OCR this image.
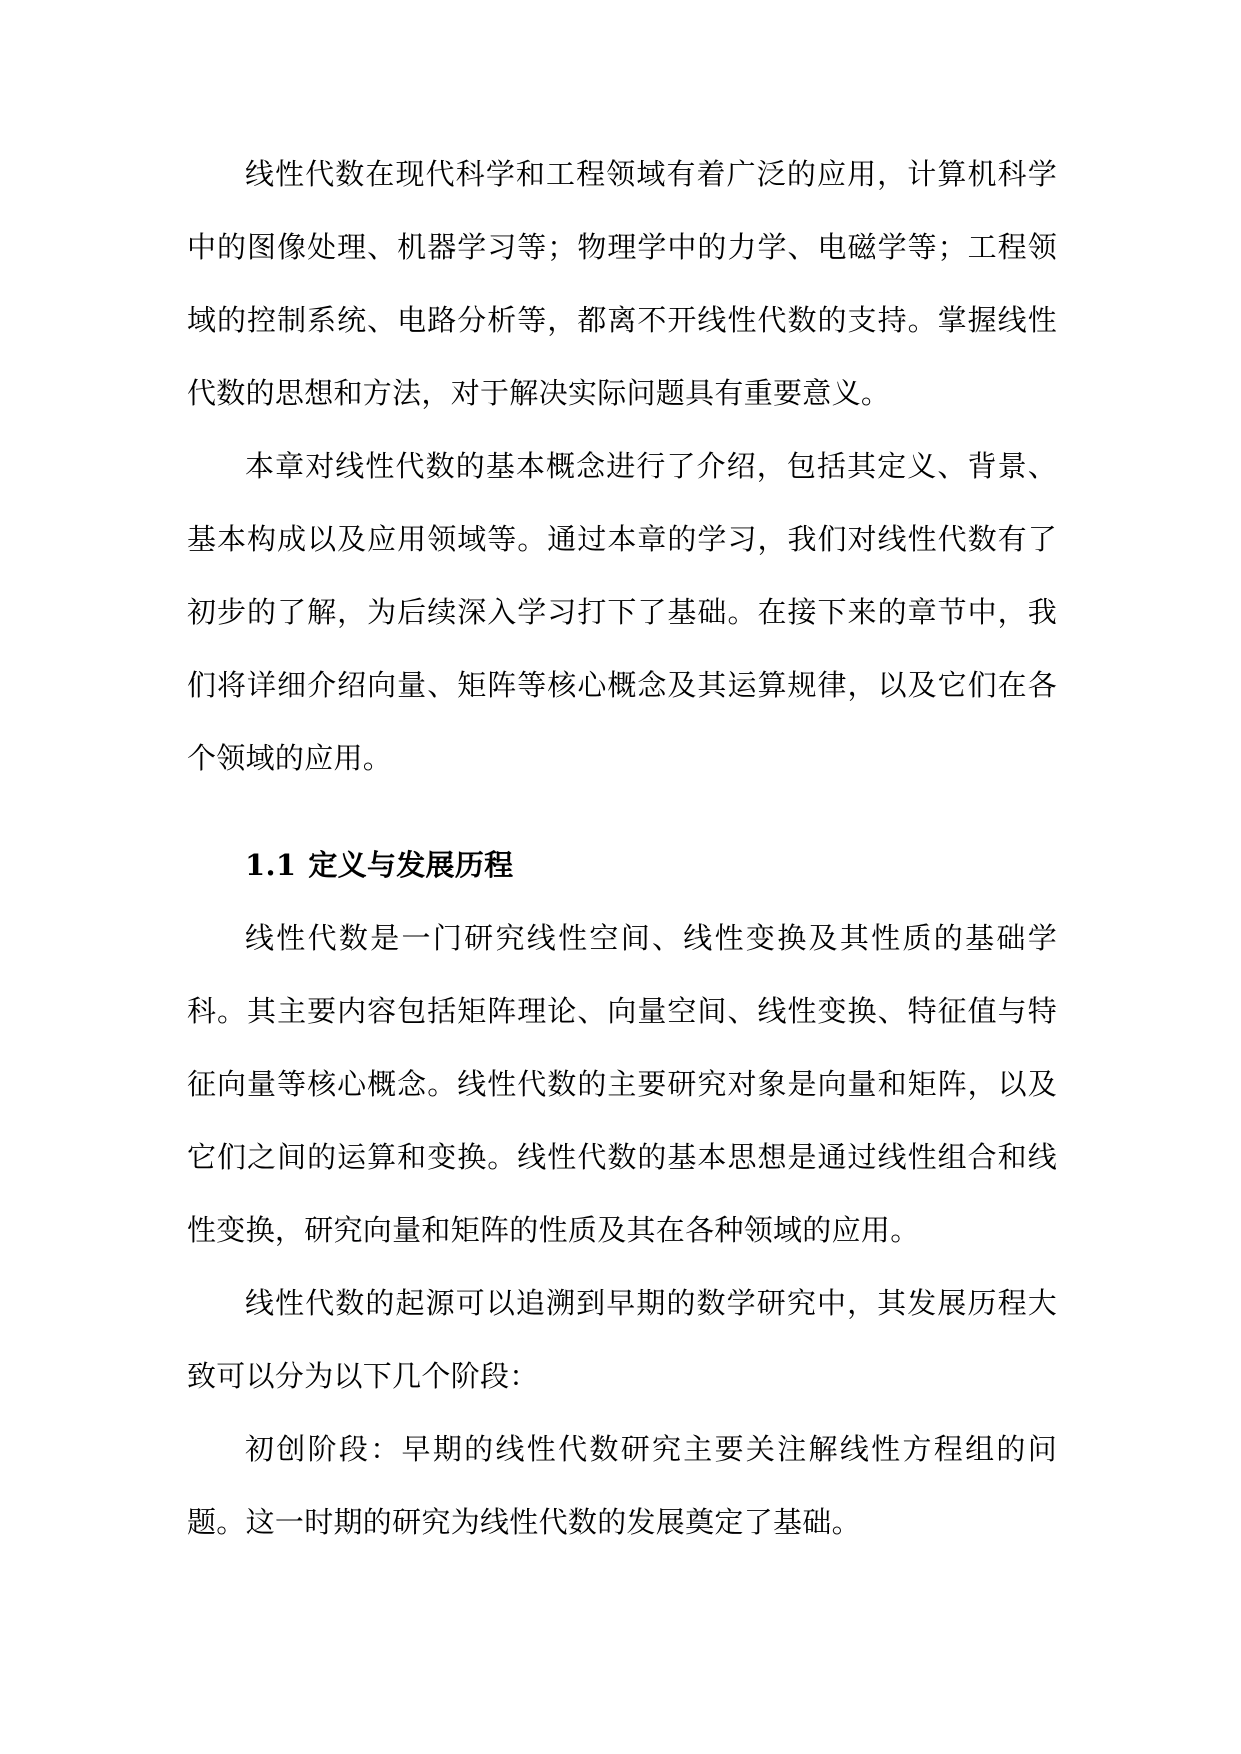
线性代数在现代科学和工程领域有着广泛的应用，计算机科学中的图像处理、机器学习等；物理学中的力学、电磁学等；工程领域的控制系统、电路分析等，都离不开线性代数的支持。掌握线性代数的思想和方法，对于解决实际问题具有重要意义。

本章对线性代数的基本概念进行了介绍，包括其定义、背景、基本构成以及应用领域等。通过本章的学习，我们对线性代数有了初步的了解，为后续深入学习打下了基础。在接下来的章节中，我们将详细介绍向量、矩阵等核心概念及其运算规律，以及它们在各个领域的应用。

1.1 定义与发展历程

线性代数是一门研究线性空间、线性变换及其性质的基础学科。其主要内容包括矩阵理论、向量空间、线性变换、特征值与特征向量等核心概念。线性代数的主要研究对象是向量和矩阵，以及它们之间的运算和变换。线性代数的基本思想是通过线性组合和线性变换，研究向量和矩阵的性质及其在各种领域的应用。

线性代数的起源可以追溯到早期的数学研究中，其发展历程大致可以分为以下几个阶段：

初创阶段：早期的线性代数研究主要关注解线性方程组的问题。这一时期的研究为线性代数的发展奠定了基础。
